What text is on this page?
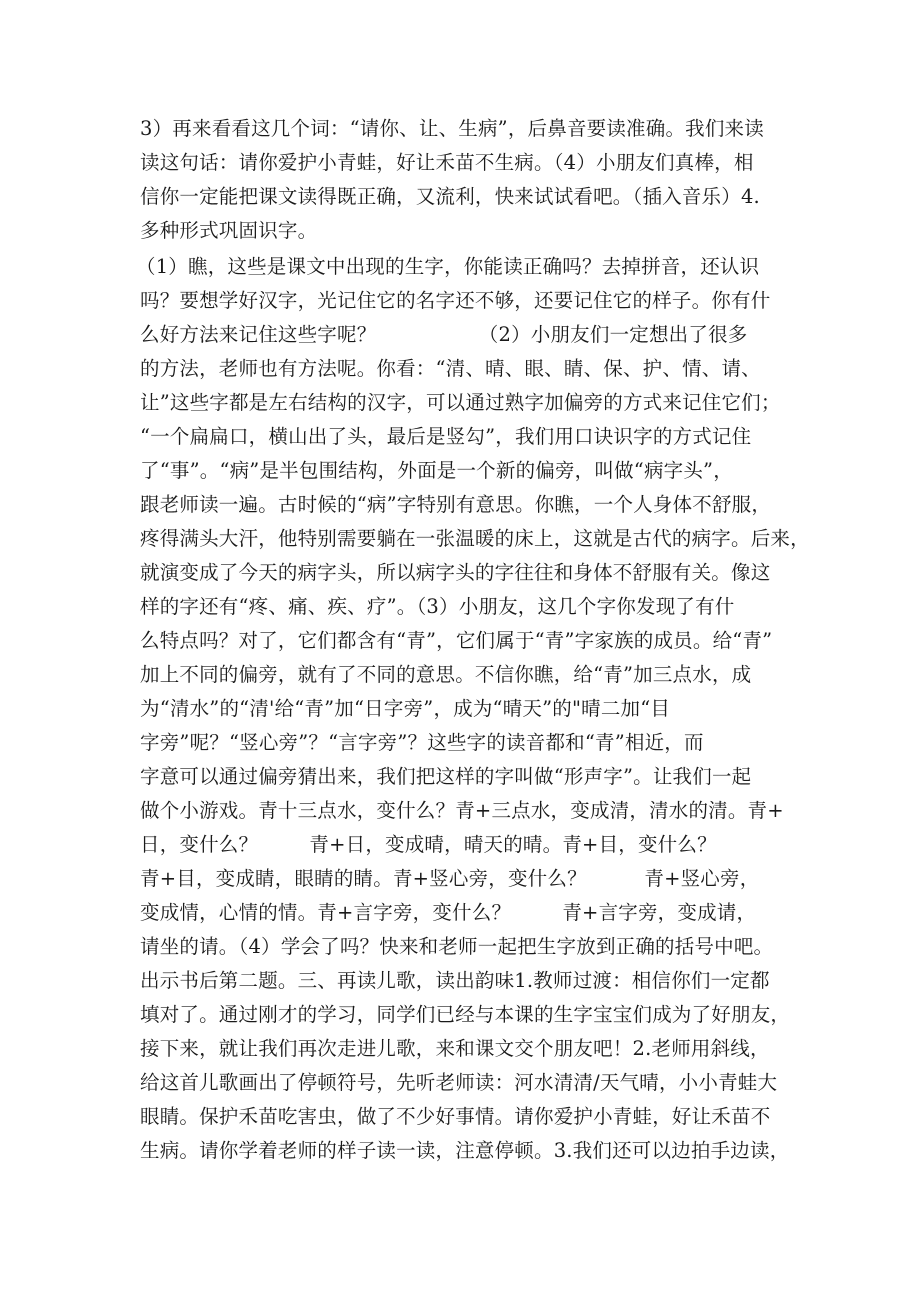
3）再来看看这几个词：“请你、让、生病”，后鼻音要读准确。我们来读
读这句话：请你爱护小青蛙，好让禾苗不生病。（4）小朋友们真棒，相
信你一定能把课文读得既正确，又流利，快来试试看吧。（插入音乐）4.
多种形式巩固识字。
（1）瞧，这些是课文中出现的生字，你能读正确吗？去掉拼音，还认识
吗？要想学好汉字，光记住它的名字还不够，还要记住它的样子。你有什
么好方法来记住这些字呢？                （2）小朋友们一定想出了很多
的方法，老师也有方法呢。你看：“清、晴、眼、睛、保、护、情、请、
让”这些字都是左右结构的汉字，可以通过熟字加偏旁的方式来记住它们；
“一个扁扁口，横山出了头，最后是竖勾”，我们用口诀识字的方式记住
了“事”。“病”是半包围结构，外面是一个新的偏旁，叫做“病字头”，
跟老师读一遍。古时候的“病”字特别有意思。你瞧，一个人身体不舒服，
疼得满头大汗，他特别需要躺在一张温暖的床上，这就是古代的病字。后来，
就演变成了今天的病字头，所以病字头的字往往和身体不舒服有关。像这
样的字还有“疼、痛、疾、疗”。（3）小朋友，这几个字你发现了有什
么特点吗？对了，它们都含有“青”，它们属于“青”字家族的成员。给“青”
加上不同的偏旁，就有了不同的意思。不信你瞧，给“青”加三点水，成
为“清水”的“清'给“青”加“日字旁”，成为“晴天”的"晴二加“目
字旁”呢？“竖心旁”？“言字旁”？这些字的读音都和“青”相近，而
字意可以通过偏旁猜出来，我们把这样的字叫做“形声字”。让我们一起
做个小游戏。青十三点水，变什么？青+三点水，变成清，清水的清。青+
日，变什么？        青+日，变成晴，晴天的晴。青+目，变什么？
青+目，变成睛，眼睛的睛。青+竖心旁，变什么？         青+竖心旁，
变成情，心情的情。青+言字旁，变什么？        青+言字旁，变成请，
请坐的请。（4）学会了吗？快来和老师一起把生字放到正确的括号中吧。
出示书后第二题。三、再读儿歌，读出韵味1.教师过渡：相信你们一定都
填对了。通过刚才的学习，同学们已经与本课的生字宝宝们成为了好朋友，
接下来，就让我们再次走进儿歌，来和课文交个朋友吧！2.老师用斜线，
给这首儿歌画出了停顿符号，先听老师读：河水清清/天气晴，小小青蛙大
眼睛。保护禾苗吃害虫，做了不少好事情。请你爱护小青蛙，好让禾苗不
生病。请你学着老师的样子读一读，注意停顿。3.我们还可以边拍手边读，
